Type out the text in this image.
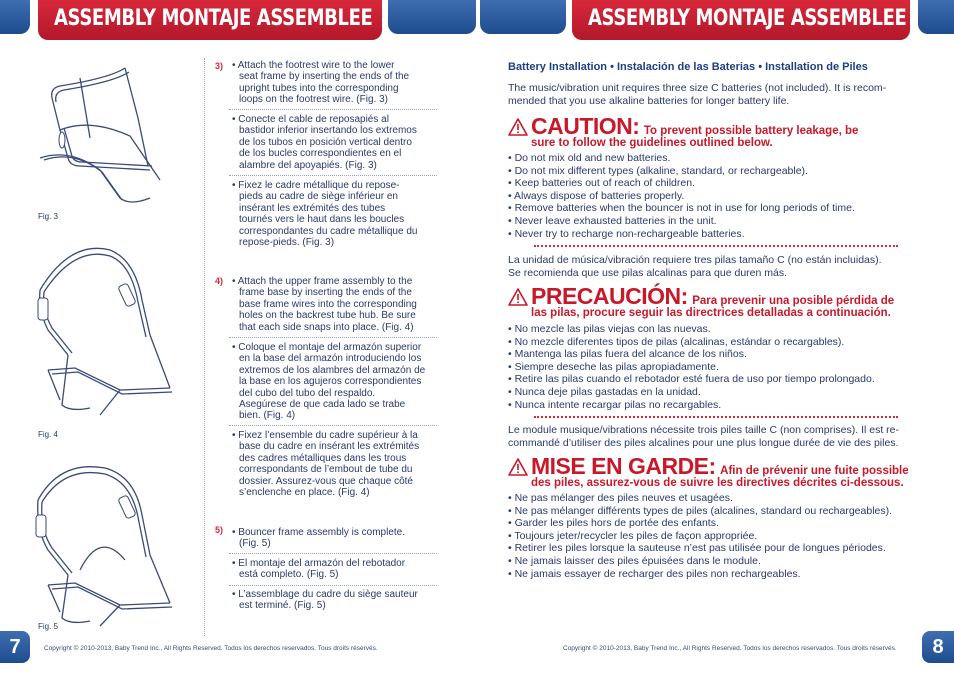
ASSEMBLY MONTAJE ASSEMBLEE	ASSEMBLY MONTAJE ASSEMBLEE
Fig. 3
Fig. 4
Fig. 5
3) • Attach the footrest wire to the lower
seat frame by inserting the ends of the
upright tubes into the corresponding
loops on the footrest wire. (Fig. 3)
• Conecte el cable de reposapiés al
bastidor inferior insertando los extremos
de los tubos en posición vertical dentro
de los bucles correspondientes en el
alambre del apoyapiés. (Fig. 3)
• Fixez le cadre métallique du repose-
pieds au cadre de siège inférieur en
insérant les extrémités des tubes
tournés vers le haut dans les boucles
correspondantes du cadre métallique du
repose-pieds. (Fig. 3)
4) • Attach the upper frame assembly to the
frame base by inserting the ends of the
base frame wires into the corresponding
holes on the backrest tube hub. Be sure
that each side snaps into place. (Fig. 4)
• Coloque el montaje del armazón superior
en la base del armazón introduciendo los
extremos de los alambres del armazón de
la base en los agujeros correspondientes
del cubo del tubo del respaldo.
Asegúrese de que cada lado se trabe
bien. (Fig. 4)
• Fixez l’ensemble du cadre supérieur à la
base du cadre en insérant les extrémités
des cadres métalliques dans les trous
correspondants de l’embout de tube du
dossier. Assurez-vous que chaque côté
s’enclenche en place. (Fig. 4)
5) • Bouncer frame assembly is complete.
(Fig. 5)
• El montaje del armazón del rebotador
está completo. (Fig. 5)
• L’assemblage du cadre du siège sauteur
est terminé. (Fig. 5)
Battery Installation • Instalación de las Baterias • Installation de Piles
The music/vibration unit requires three size C batteries (not included). It is recom-
mended that you use alkaline batteries for longer battery life.
CAUTION: To prevent possible battery leakage, be
sure to follow the guidelines outlined below.
• Do not mix old and new batteries.
• Do not mix different types (alkaline, standard, or rechargeable).
• Keep batteries out of reach of children.
• Always dispose of batteries properly.
• Remove batteries when the bouncer is not in use for long periods of time.
• Never leave exhausted batteries in the unit.
• Never try to recharge non-rechargeable batteries.
La unidad de música/vibración requiere tres pilas tamaño C (no están incluidas).
Se recomienda que use pilas alcalinas para que duren más.
PRECAUCIÓN: Para prevenir una posible pérdida de
las pilas, procure seguir las directrices detalladas a continuación.
• No mezcle las pilas viejas con las nuevas.
• No mezcle diferentes tipos de pilas (alcalinas, estándar o recargables).
• Mantenga las pilas fuera del alcance de los niños.
• Siempre deseche las pilas apropiadamente.
• Retire las pilas cuando el rebotador esté fuera de uso por tiempo prolongado.
• Nunca deje pilas gastadas en la unidad.
• Nunca intente recargar pilas no recargables.
Le module musique/vibrations nécessite trois piles taille C (non comprises). Il est re-
commandé d’utiliser des piles alcalines pour une plus longue durée de vie des piles.
MISE EN GARDE: Afin de prévenir une fuite possible
des piles, assurez-vous de suivre les directives décrites ci-dessous.
• Ne pas mélanger des piles neuves et usagées.
• Ne pas mélanger différents types de piles (alcalines, standard ou rechargeables).
• Garder les piles hors de portée des enfants.
• Toujours jeter/recycler les piles de façon appropriée.
• Retirer les piles lorsque la sauteuse n’est pas utilisée pour de longues périodes.
• Ne jamais laisser des piles épuisées dans le module.
• Ne jamais essayer de recharger des piles non rechargeables.
7	Copyright © 2010-2013, Baby Trend Inc., All Rights Reserved. Todos los derechos reservados. Tous droits réservés.	Copyright © 2010-2013, Baby Trend Inc., All Rights Reserved. Todos los derechos reservados. Tous droits réservés.	8
